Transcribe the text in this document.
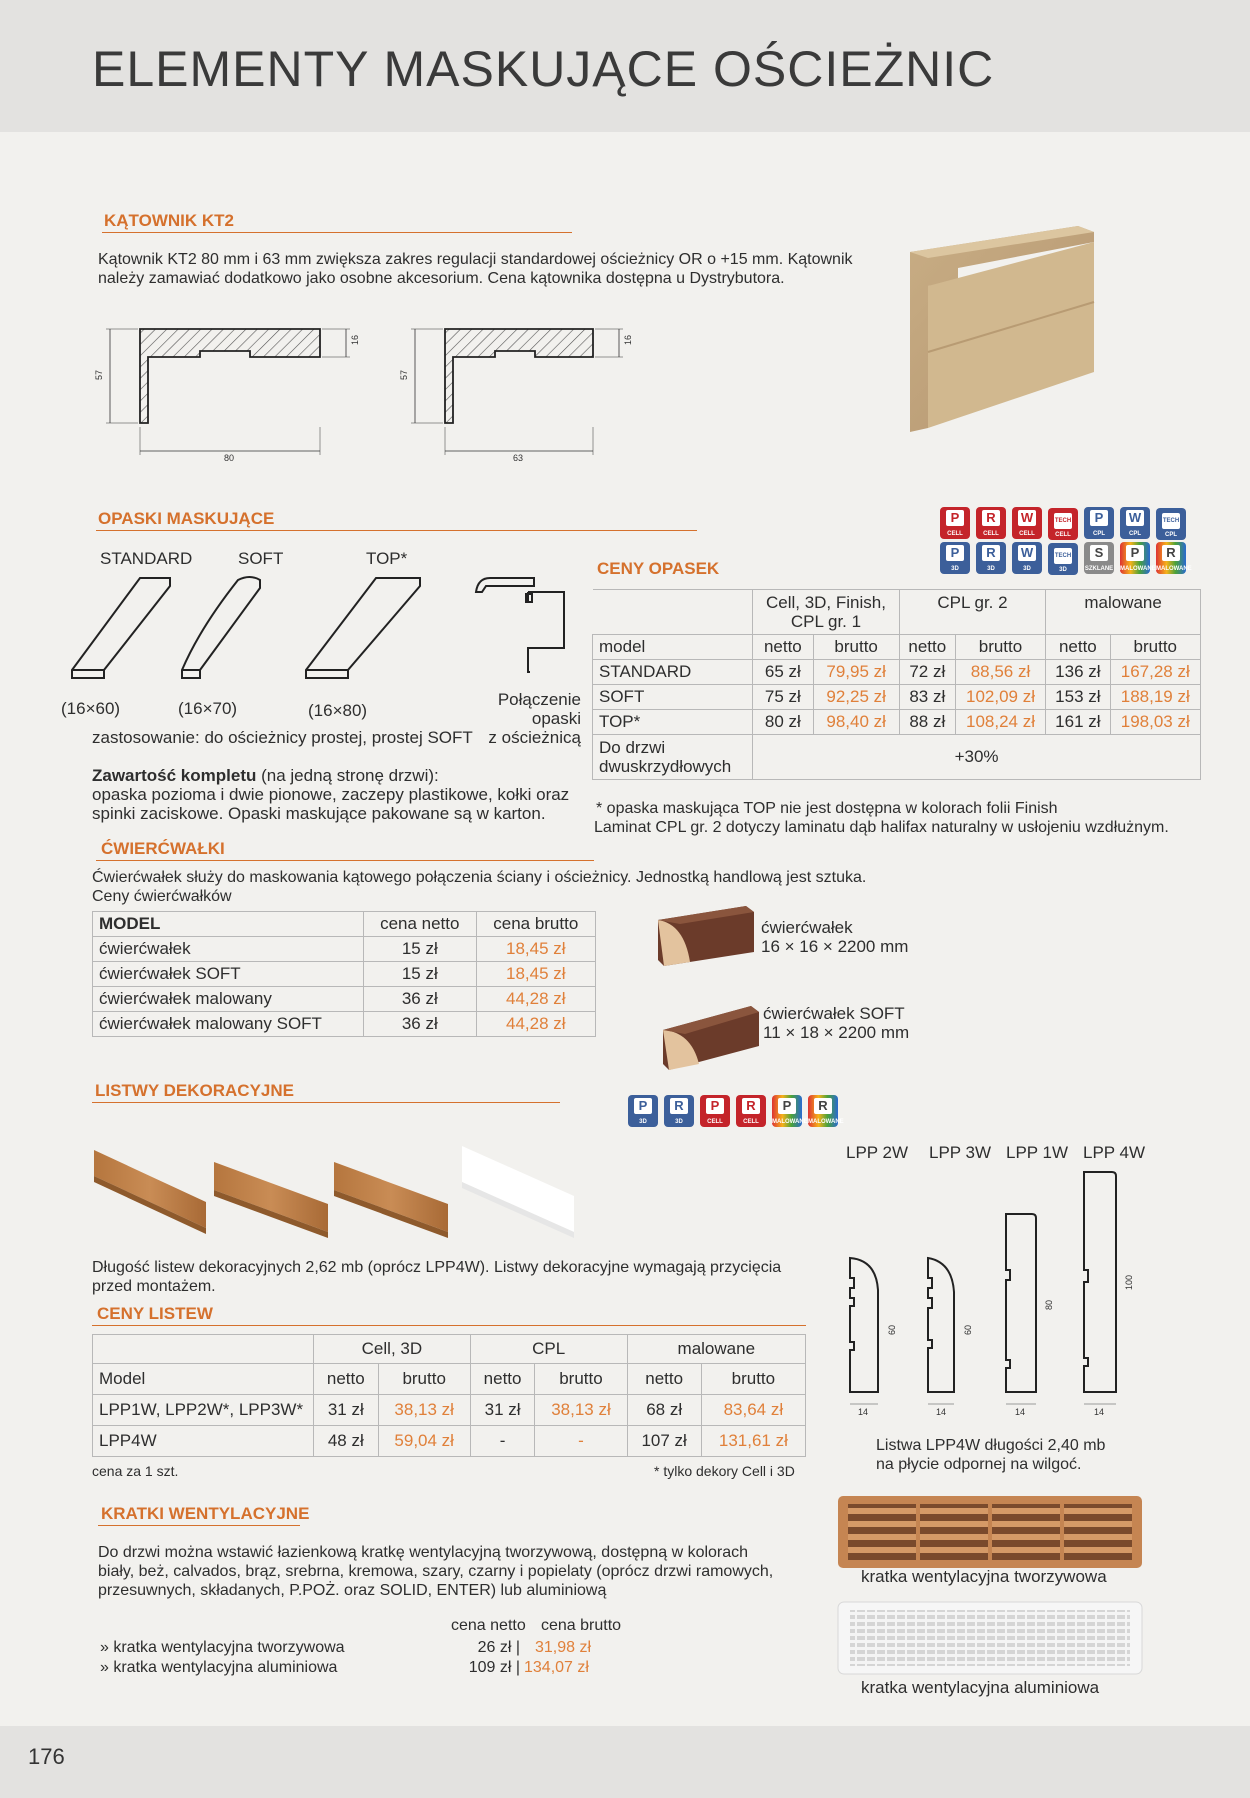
ELEMENTY MASKUJĄCE OŚCIEŻNIC
KĄTOWNIK KT2
Kątownik KT2 80 mm i 63 mm zwiększa zakres regulacji standardowej ościeżnicy OR o +15 mm. Kątownik
należy zamawiać dodatkowo jako osobne akcesorium. Cena kątownika dostępna u Dystrybutora.
57
16
80
57
16
63
OPASKI MASKUJĄCE
STANDARD	SOFT	TOP*
(16×60)	(16×70)	(16×80)
Połączenie opaski
z ościeżnicą
zastosowanie: do ościeżnicy prostej, prostej SOFT
Zawartość kompletu (na jedną stronę drzwi):
opaska pozioma i dwie pionowe, zaczepy plastikowe, kołki oraz
spinki zaciskowe. Opaski maskujące pakowane są w karton.
P
CELL
R
CELL
W
CELL
TECH
CELL
P
CPL
W
CPL
TECH
CPL
P
3D
R
3D
W
3D
TECH
3D
S
SZKLANE
P
MALOWANE
R
MALOWANE
CENY OPASEK

	Cell, 3D, Finish,
CPL gr. 1		CPL gr. 2		malowane	
model	netto	brutto	netto	brutto	netto	brutto
STANDARD	65 zł	79,95 zł	72 zł	88,56 zł	136 zł	167,28 zł
SOFT	75 zł	92,25 zł	83 zł	102,09 zł	153 zł	188,19 zł
TOP*	80 zł	98,40 zł	88 zł	108,24 zł	161 zł	198,03 zł

Do drzwi
dwuskrzydłowych	+30%					
* opaska maskująca TOP nie jest dostępna w kolorach folii Finish
Laminat CPL gr. 2 dotyczy laminatu dąb halifax naturalny w usłojeniu wzdłużnym.
ĆWIERĆWAŁKI
Ćwierćwałek służy do maskowania kątowego połączenia ściany i ościeżnicy. Jednostką handlową jest sztuka.
Ceny ćwierćwałków
MODEL	cena netto	cena brutto
ćwierćwałek	15 zł	18,45 zł
ćwierćwałek SOFT	15 zł	18,45 zł
ćwierćwałek malowany	36 zł	44,28 zł
ćwierćwałek malowany SOFT	36 zł	44,28 zł
ćwierćwałek
16 × 16 × 2200 mm
ćwierćwałek SOFT
11 × 18 × 2200 mm
LISTWY DEKORACYJNE
P
3D
R
3D
P
CELL
R
CELL
P
MALOWANE
R
MALOWANE
LPP 2W LPP 3W LPP 1W LPP 4W
14	14	14	14
60	60
80
100
Długość listew dekoracyjnych 2,62 mb (oprócz LPP4W). Listwy dekoracyjne wymagają przycięcia
przed montażem.
Listwa LPP4W długości 2,40 mb
na płycie odpornej na wilgoć.
CENY LISTEW
	Cell, 3D		CPL		malowane	
Model	netto	brutto	netto	brutto	netto	brutto
LPP1W, LPP2W*, LPP3W*	31 zł	38,13 zł	31 zł	38,13 zł	68 zł	83,64 zł
LPP4W	48 zł	59,04 zł	-	-	107 zł	131,61 zł
cena za 1 szt.	* tylko dekory Cell i 3D
KRATKI WENTYLACYJNE
Do drzwi można wstawić łazienkową kratkę wentylacyjną tworzywową, dostępną w kolorach
biały, beż, calvados, brąz, srebrna, kremowa, szary, czarny i popielaty (oprócz drzwi ramowych,
przesuwnych, składanych, P.POŻ. oraz SOLID, ENTER) lub aluminiową
cena netto cena brutto
» kratka wentylacyjna tworzywowa	26 zł | 31,98 zł
» kratka wentylacyjna aluminiowa	109 zł | 134,07 zł
kratka wentylacyjna tworzywowa
kratka wentylacyjna aluminiowa
176
